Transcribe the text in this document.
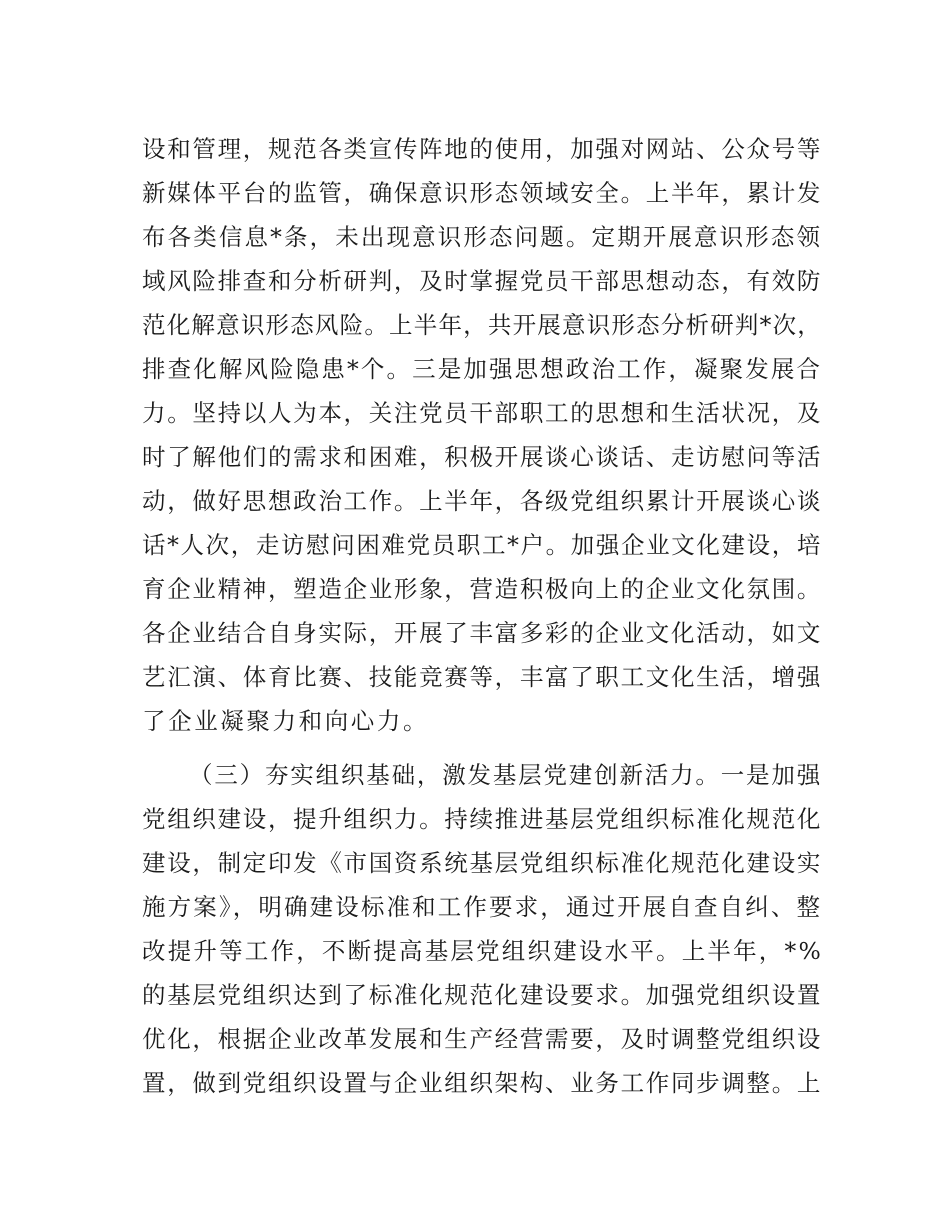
设和管理，规范各类宣传阵地的使用，加强对网站、公众号等
新媒体平台的监管，确保意识形态领域安全。上半年，累计发
布各类信息*条，未出现意识形态问题。定期开展意识形态领
域风险排查和分析研判，及时掌握党员干部思想动态，有效防
范化解意识形态风险。上半年，共开展意识形态分析研判*次，
排查化解风险隐患*个。三是加强思想政治工作，凝聚发展合
力。坚持以人为本，关注党员干部职工的思想和生活状况，及
时了解他们的需求和困难，积极开展谈心谈话、走访慰问等活
动，做好思想政治工作。上半年，各级党组织累计开展谈心谈
话*人次，走访慰问困难党员职工*户。加强企业文化建设，培
育企业精神，塑造企业形象，营造积极向上的企业文化氛围。
各企业结合自身实际，开展了丰富多彩的企业文化活动，如文
艺汇演、体育比赛、技能竞赛等，丰富了职工文化生活，增强
了企业凝聚力和向心力。
（三）夯实组织基础，激发基层党建创新活力。一是加强
党组织建设，提升组织力。持续推进基层党组织标准化规范化
建设，制定印发《市国资系统基层党组织标准化规范化建设实
施方案》，明确建设标准和工作要求，通过开展自查自纠、整
改提升等工作，不断提高基层党组织建设水平。上半年，*%
的基层党组织达到了标准化规范化建设要求。加强党组织设置
优化，根据企业改革发展和生产经营需要，及时调整党组织设
置，做到党组织设置与企业组织架构、业务工作同步调整。上
